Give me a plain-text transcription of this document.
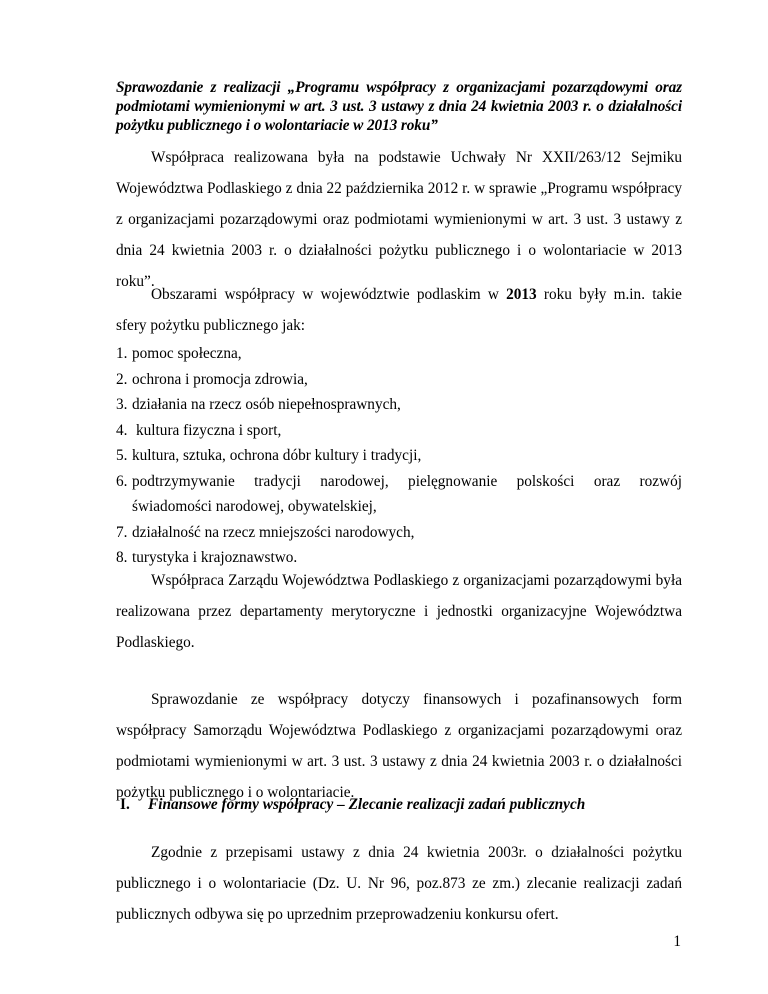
Sprawozdanie z realizacji „Programu współpracy z organizacjami pozarządowymi oraz podmiotami wymienionymi w art. 3 ust. 3 ustawy z dnia 24 kwietnia 2003 r. o działalności pożytku publicznego i o wolontariacie w 2013 roku”
Współpraca realizowana była na podstawie Uchwały Nr XXII/263/12 Sejmiku Województwa Podlaskiego z dnia 22 października 2012 r. w sprawie „Programu współpracy z organizacjami pozarządowymi oraz podmiotami wymienionymi w art. 3 ust. 3 ustawy z dnia 24 kwietnia 2003 r. o działalności pożytku publicznego i o wolontariacie w 2013 roku”.
Obszarami współpracy w województwie podlaskim w 2013 roku były m.in. takie sfery pożytku publicznego jak:
1. pomoc społeczna,
2. ochrona i promocja zdrowia,
3. działania na rzecz osób niepełnosprawnych,
4. kultura fizyczna i sport,
5. kultura, sztuka, ochrona dóbr kultury i tradycji,
6. podtrzymywanie tradycji narodowej, pielęgnowanie polskości oraz rozwój
świadomości narodowej, obywatelskiej,
7. działalność na rzecz mniejszości narodowych,
8. turystyka i krajoznawstwo.
Współpraca Zarządu Województwa Podlaskiego z organizacjami pozarządowymi była realizowana przez departamenty merytoryczne i jednostki organizacyjne Województwa Podlaskiego.
Sprawozdanie ze współpracy dotyczy finansowych i pozafinansowych form współpracy Samorządu Województwa Podlaskiego z organizacjami pozarządowymi oraz podmiotami wymienionymi w art. 3 ust. 3 ustawy z dnia 24 kwietnia 2003 r. o działalności pożytku publicznego i o wolontariacie.
I. Finansowe formy współpracy – Zlecanie realizacji zadań publicznych
Zgodnie z przepisami ustawy z dnia 24 kwietnia 2003r. o działalności pożytku publicznego i o wolontariacie (Dz. U. Nr 96, poz.873 ze zm.) zlecanie realizacji zadań publicznych odbywa się po uprzednim przeprowadzeniu konkursu ofert.
1
